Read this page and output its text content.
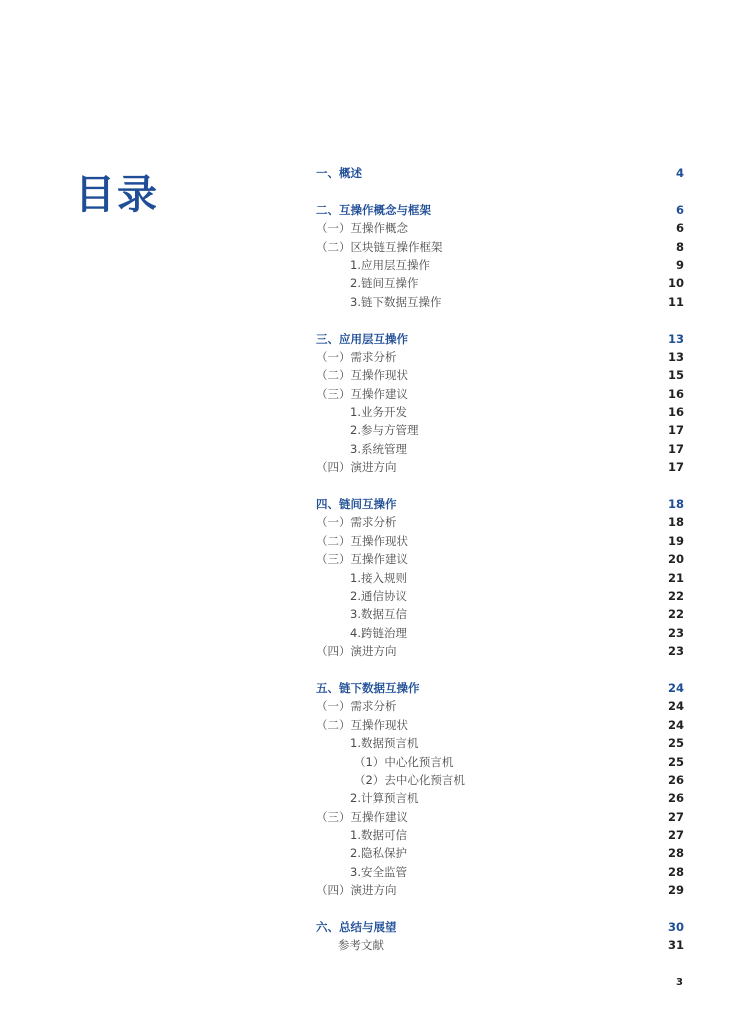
目录	一、概述	4
二、互操作概念与框架	6
（一）互操作概念	6
（二）区块链互操作框架	8
1.应用层互操作	9
2.链间互操作	10
3.链下数据互操作	11
三、应用层互操作	13
（一）需求分析	13
（二）互操作现状	15
（三）互操作建议	16
1.业务开发	16
2.参与方管理	17
3.系统管理	17
（四）演进方向	17
四、链间互操作	18
（一）需求分析	18
（二）互操作现状	19
（三）互操作建议	20
1.接入规则	21
2.通信协议	22
3.数据互信	22
4.跨链治理	23
（四）演进方向	23
五、链下数据互操作	24
（一）需求分析	24
（二）互操作现状	24
1.数据预言机	25
（1）中心化预言机	25
（2）去中心化预言机	26
2.计算预言机	26
（三）互操作建议	27
1.数据可信	27
2.隐私保护	28
3.安全监管	28
（四）演进方向	29
六、总结与展望	30
参考文献	31
3
